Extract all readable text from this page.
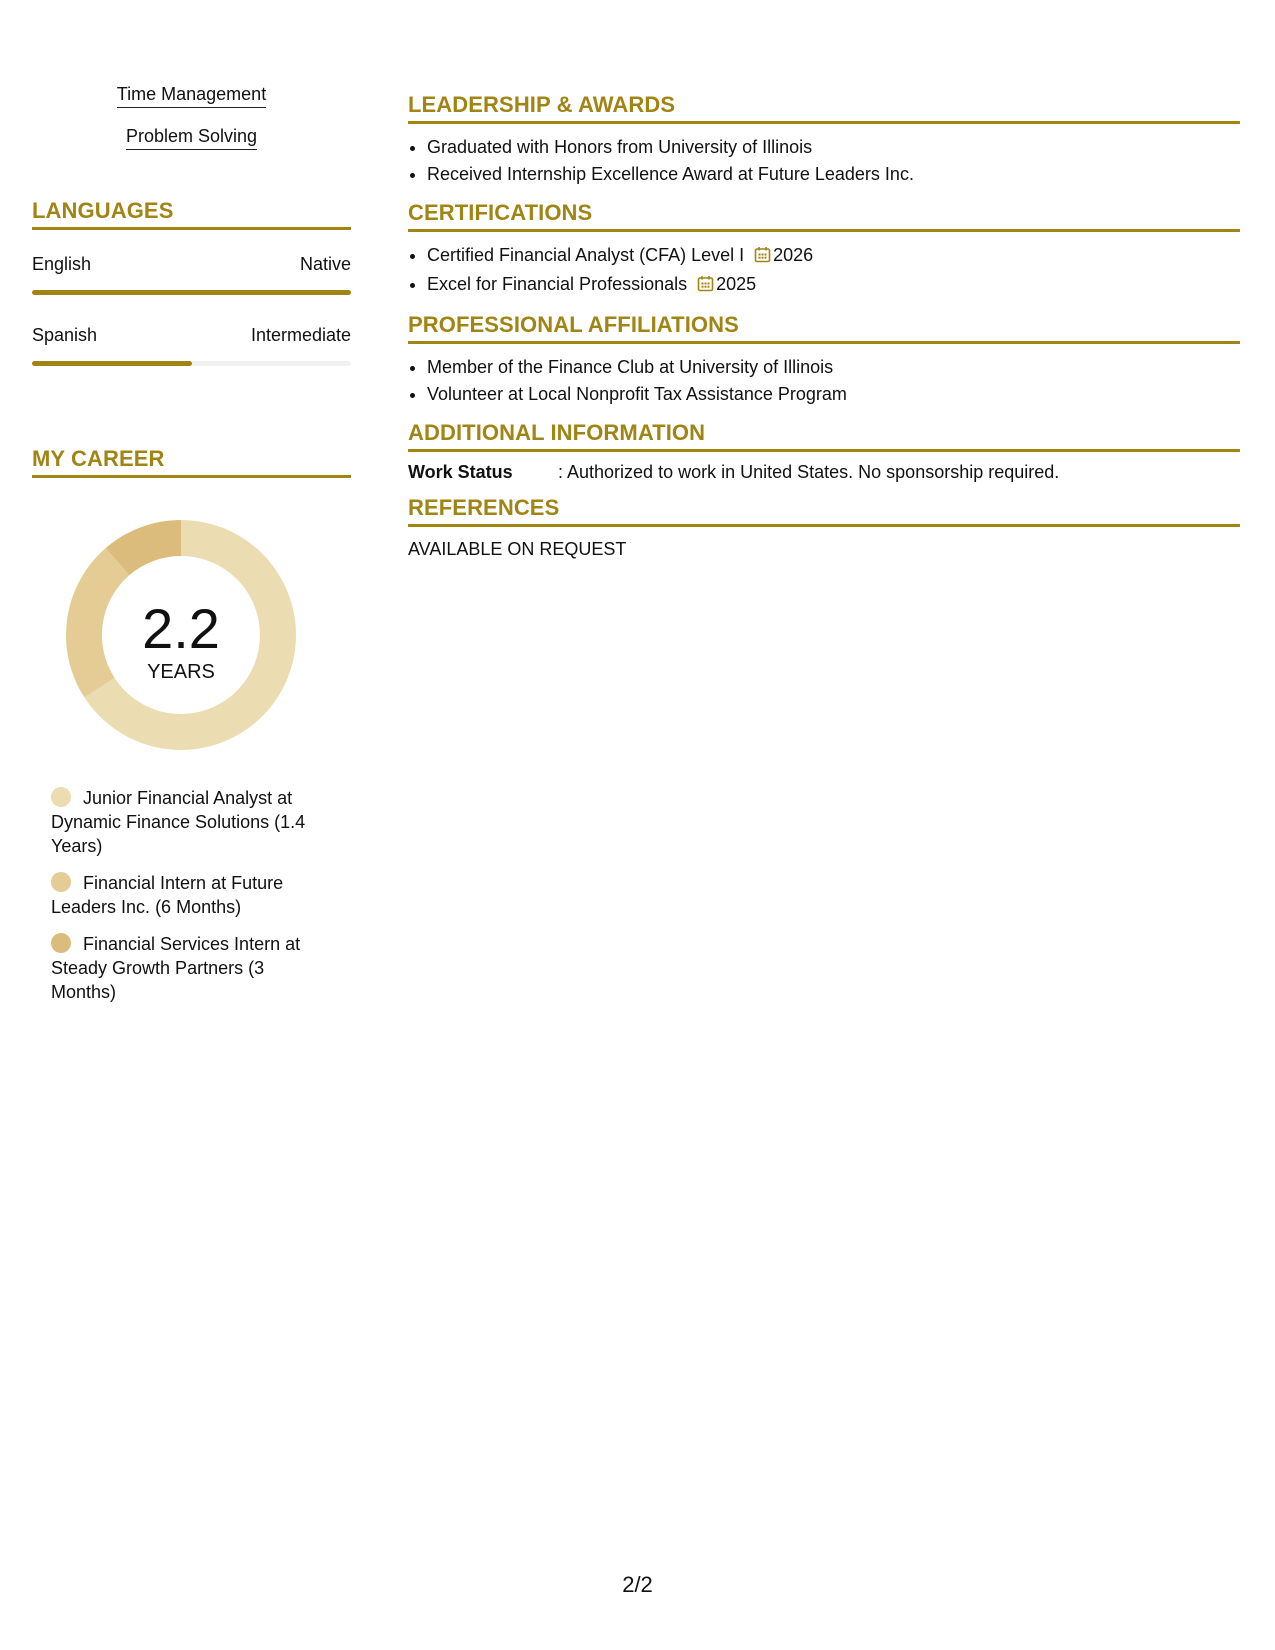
Time Management
Problem Solving
LANGUAGES
English	Native
Spanish	Intermediate
MY CAREER
2.2
YEARS
Junior Financial Analyst at Dynamic Finance Solutions (1.4 Years)
Financial Intern at Future Leaders Inc. (6 Months)
Financial Services Intern at Steady Growth Partners (3 Months)
LEADERSHIP & AWARDS
• Graduated with Honors from University of Illinois
• Received Internship Excellence Award at Future Leaders Inc.
CERTIFICATIONS
• Certified Financial Analyst (CFA) Level I 2026
• Excel for Financial Professionals 2025
PROFESSIONAL AFFILIATIONS
• Member of the Finance Club at University of Illinois
• Volunteer at Local Nonprofit Tax Assistance Program
ADDITIONAL INFORMATION
Work Status	: Authorized to work in United States. No sponsorship required.
REFERENCES
AVAILABLE ON REQUEST
2/2
